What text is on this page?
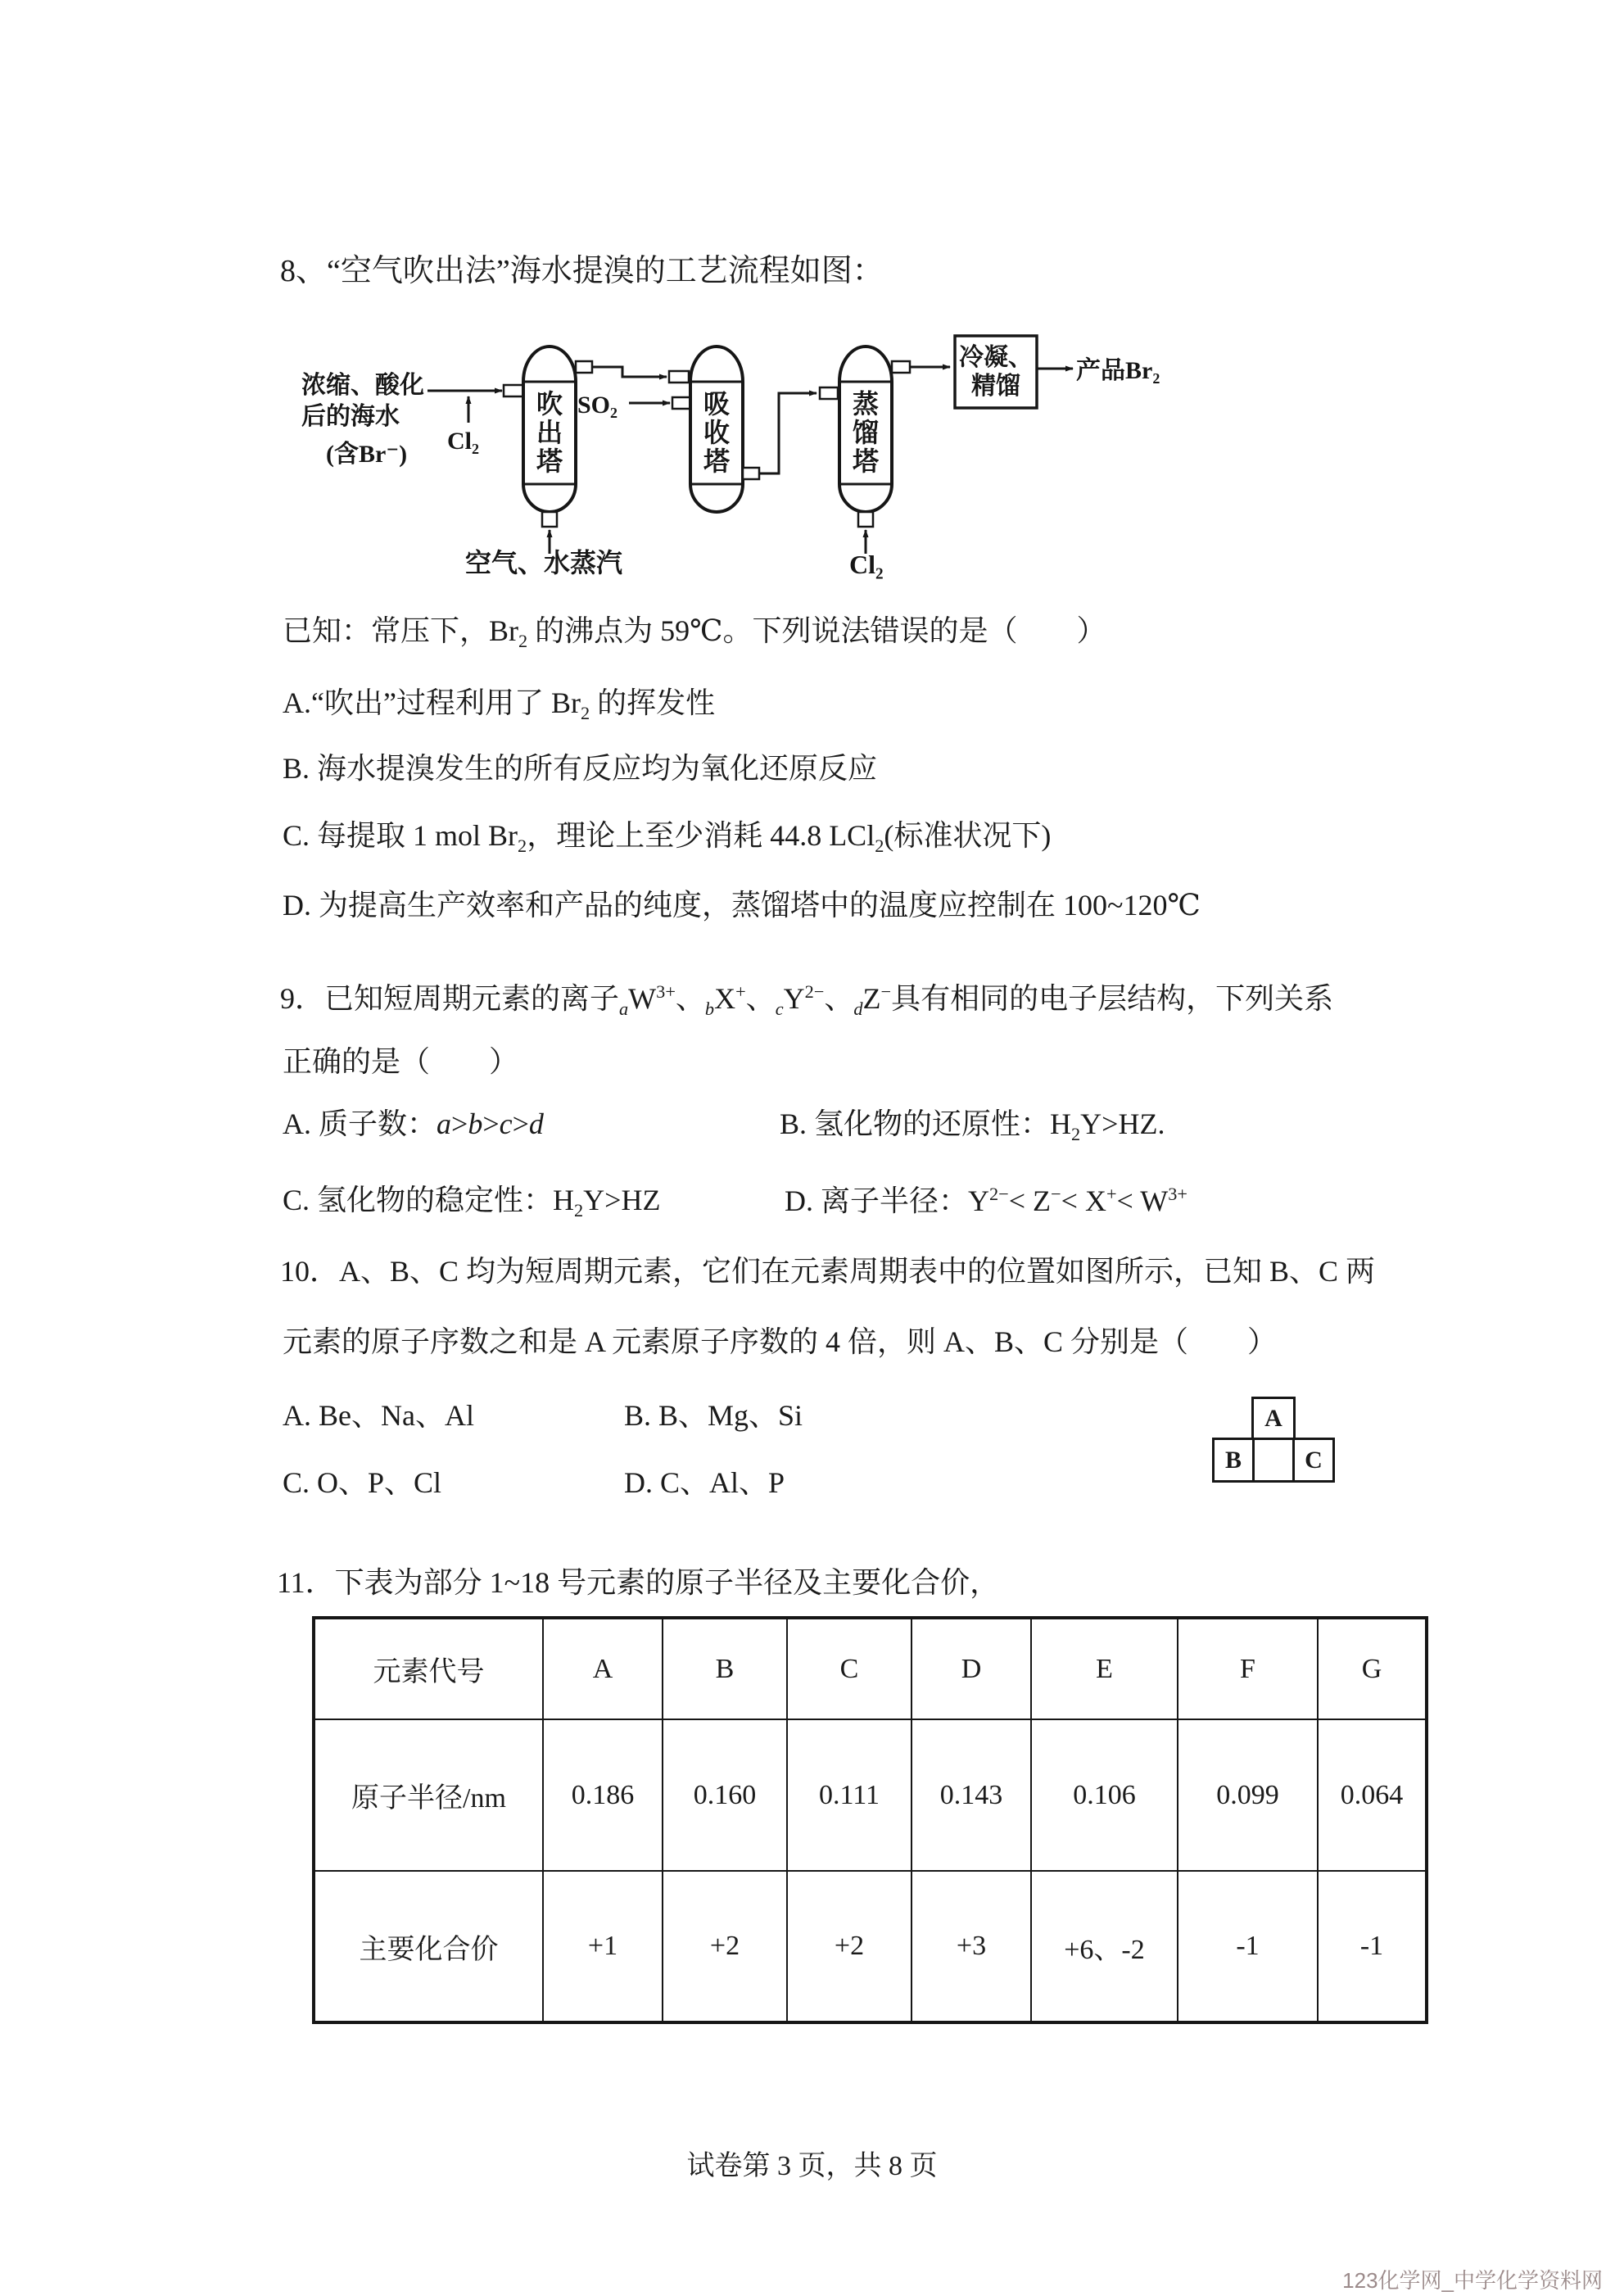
8、“空气吹出法”海水提溴的工艺流程如图：
浓缩、酸化
后的海水
(含Br⁻) Cl₂
吹
出
塔
空气、水蒸汽
SO₂	吸
收
塔
蒸
馏
塔
Cl₂
冷凝、
精馏
产品Br₂
已知：常压下，$Br_2$ 的沸点为 59℃。下列说法错误的是（　　）
A.“吹出”过程利用了 $Br_2$ 的挥发性
B. 海水提溴发生的所有反应均为氧化还原反应
C. 每提取 1 mol $Br_2$，理论上至少消耗 44.8 LCl$_2$(标准状况下)
D. 为提高生产效率和产品的纯度，蒸馏塔中的温度应控制在 100~120℃
9．已知短周期元素的离子$_aW^{3+}$、$_b$X+、$_cY^{2-}$、$_d$Z−具有相同的电子层结构，下列关系
正确的是（　　）
A. 质子数：a>b>c>d	B. 氢化物的还原性：$H_2Y>HZ$.
C. 氢化物的稳定性：$H_2Y>HZ$	D. 离子半径：$Y^{2-}< Z^-< X^+< W^{3+}$
10．A、B、C 均为短周期元素，它们在元素周期表中的位置如图所示，已知 B、C 两
元素的原子序数之和是 A 元素原子序数的 4 倍，则 A、B、C 分别是（　　）
A. Be、Na、Al	B. B、Mg、Si
C. O、P、Cl	D. C、Al、P
A
B	C
11．下表为部分 1~18 号元素的原子半径及主要化合价，
元素代号	A	B	C	D	E	F	G
原子半径/nm	0.186	0.160	0.111	0.143	0.106	0.099	0.064
主要化合价	+1	+2	+2	+3	+6、-2	-1	-1
试卷第 3 页，共 8 页
123化学网_中学化学资料网
